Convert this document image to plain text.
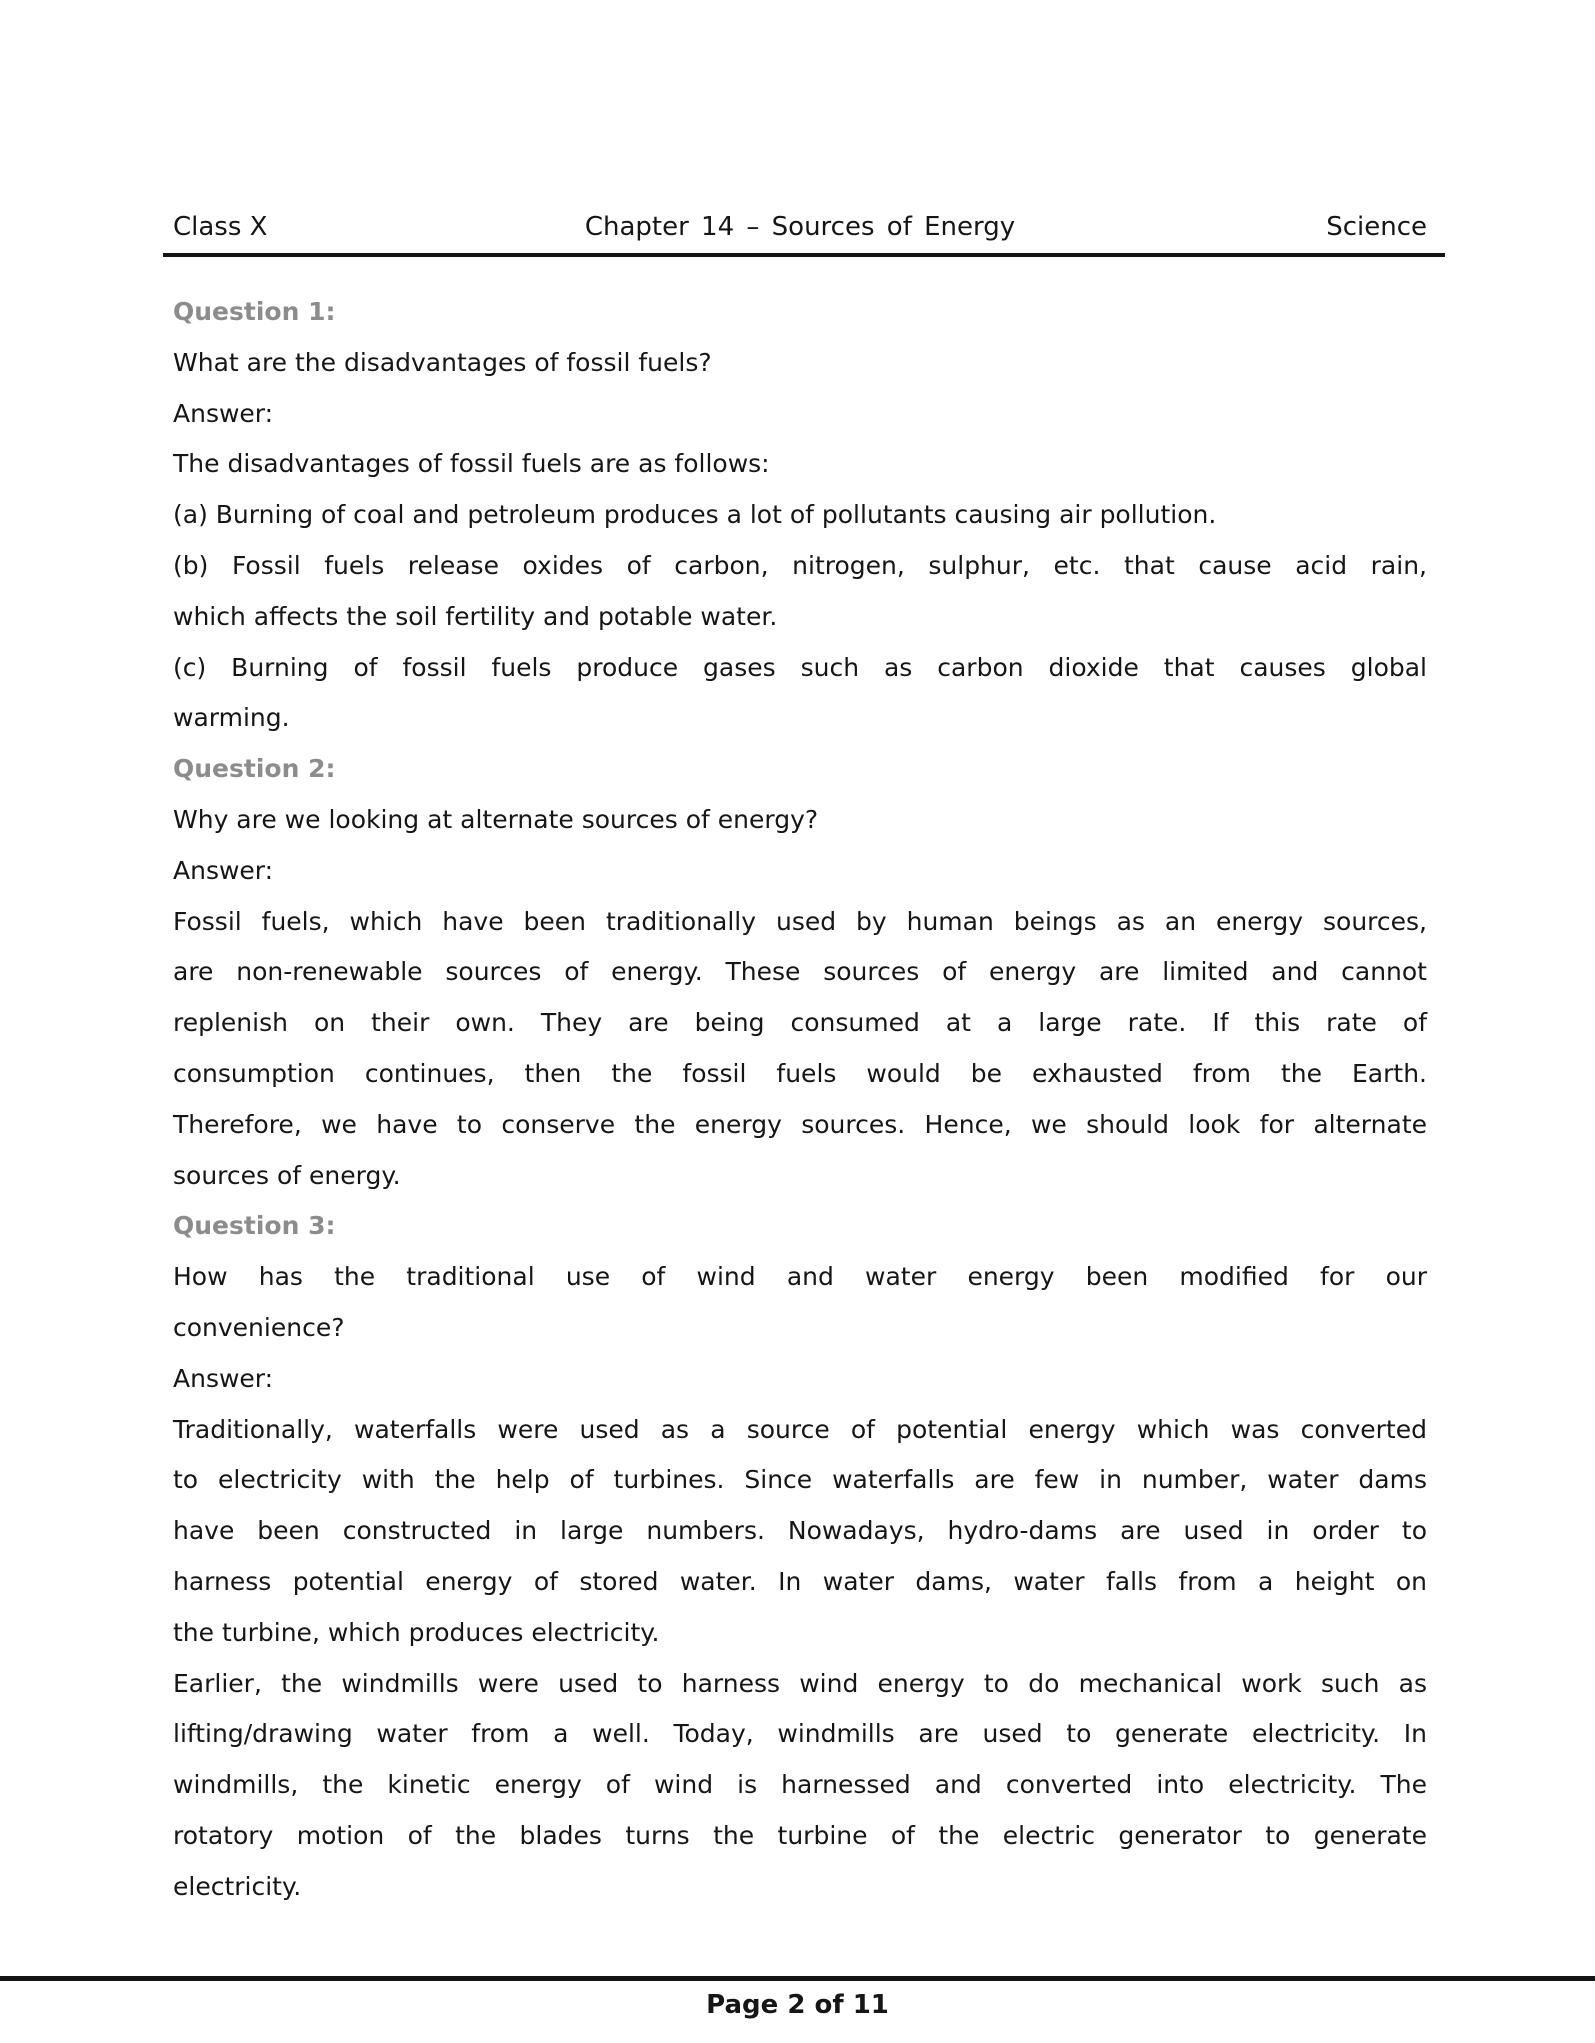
Class X	Chapter 14 – Sources of Energy	Science
Question 1:
What are the disadvantages of fossil fuels?
Answer:
The disadvantages of fossil fuels are as follows:
(a) Burning of coal and petroleum produces a lot of pollutants causing air pollution.
(b) Fossil fuels release oxides of carbon, nitrogen, sulphur, etc. that cause acid rain,
which affects the soil fertility and potable water.
(c) Burning of fossil fuels produce gases such as carbon dioxide that causes global
warming.
Question 2:
Why are we looking at alternate sources of energy?
Answer:
Fossil fuels, which have been traditionally used by human beings as an energy sources,
are non-renewable sources of energy. These sources of energy are limited and cannot
replenish on their own. They are being consumed at a large rate. If this rate of
consumption continues, then the fossil fuels would be exhausted from the Earth.
Therefore, we have to conserve the energy sources. Hence, we should look for alternate
sources of energy.
Question 3:
How has the traditional use of wind and water energy been modified for our
convenience?
Answer:
Traditionally, waterfalls were used as a source of potential energy which was converted
to electricity with the help of turbines. Since waterfalls are few in number, water dams
have been constructed in large numbers. Nowadays, hydro-dams are used in order to
harness potential energy of stored water. In water dams, water falls from a height on
the turbine, which produces electricity.
Earlier, the windmills were used to harness wind energy to do mechanical work such as
lifting/drawing water from a well. Today, windmills are used to generate electricity. In
windmills, the kinetic energy of wind is harnessed and converted into electricity. The
rotatory motion of the blades turns the turbine of the electric generator to generate
electricity.
Page 2 of 11
